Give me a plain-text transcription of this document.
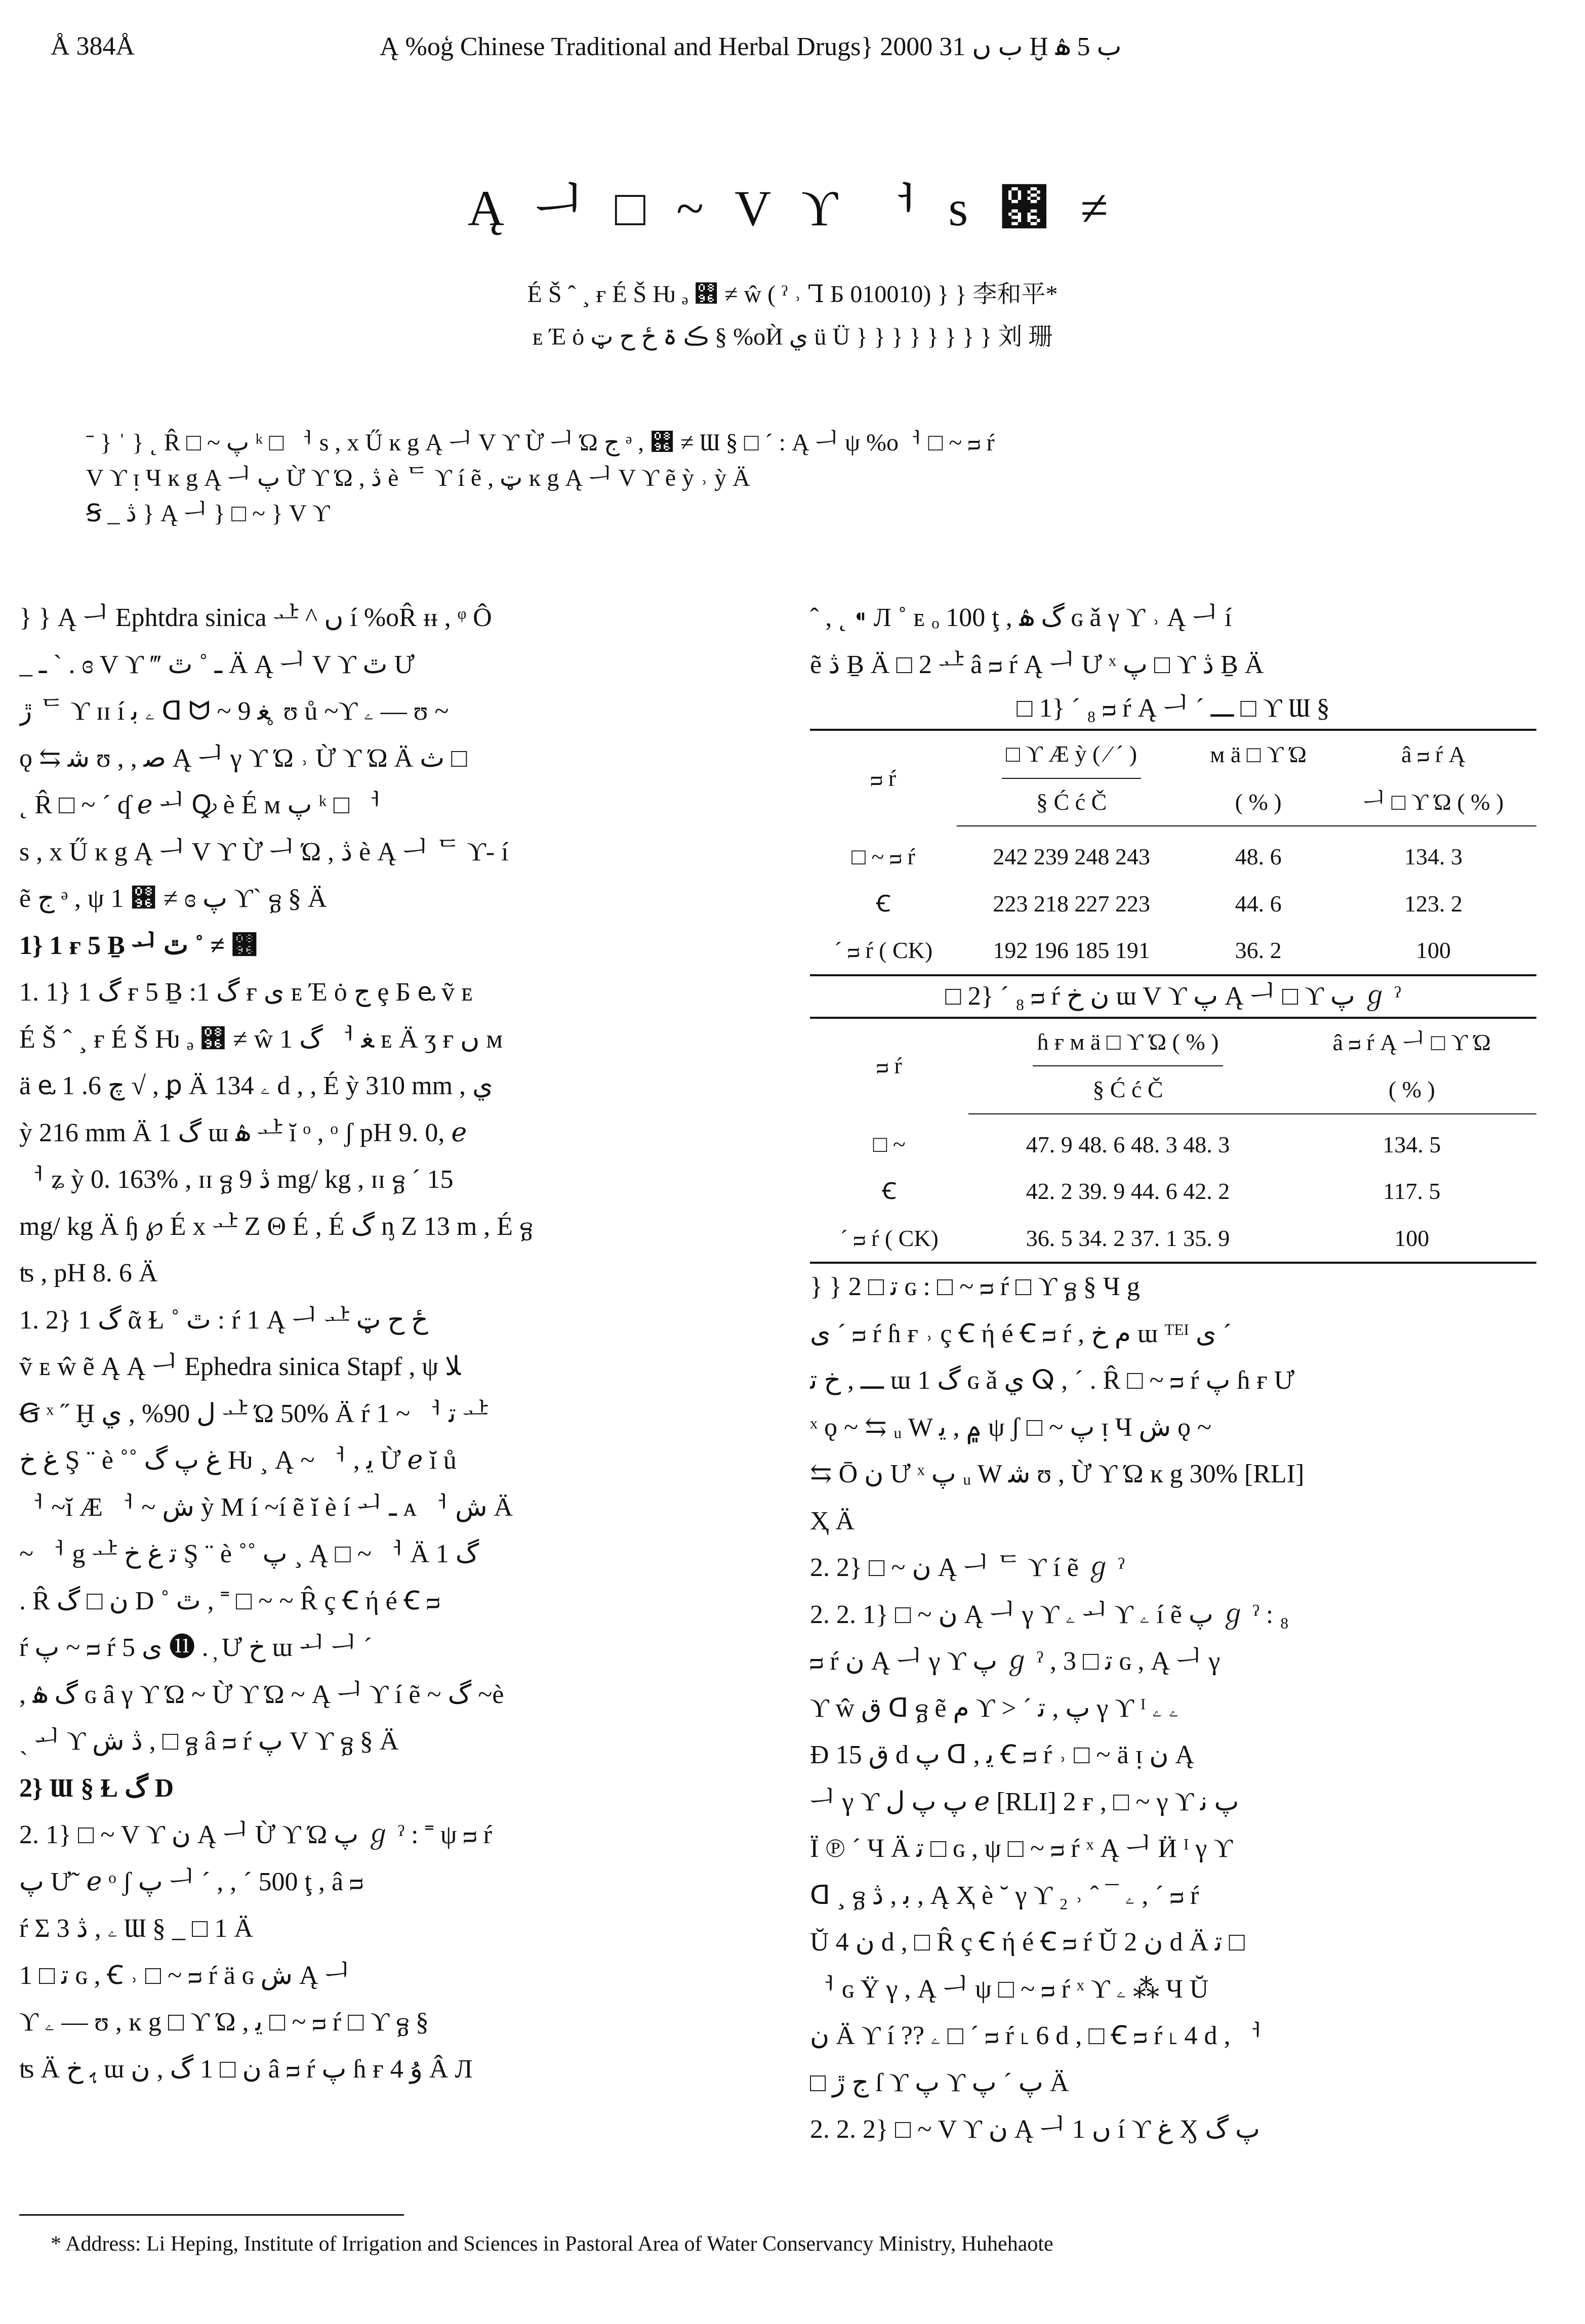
Å 384Å	Ą %oģ Chinese Traditional and Herbal Drugs} 2000 ب ں 31 Ḫ ب 5 ۿ
Ą ᅴ □ ~ V ϒ ᅥ s ࢖ ≠
É Š ˆ ¸ ғ É Š Ƕ ₔ ࢖ ≠ ŵ ( ˀ ˒ Ꞁ Б 010010) } } 李和平*
ᴇ Έ ȯ ڪ ۃ ځ ح ټ § %oЍ ي ü Ü } } } } } } } } 刘 珊
ˉ } ˈ } ˛ R̂ □ ~ پ ᵏ □ ᅥ s , x Ű ĸ g Ą ᅴ V ϒ Ừ ᅴ Ώ ج ᵊ , ࢖ ≠ Ɯ § □ ˊ : Ą ᅴ ψ %oᅥ □ ~ ᴝ ŕ
V ϒ ᴉ Ч ĸ g Ą ᅴ پ Ừ ϒ Ώ , ڎ è ᄃ ϒ í ẽ , ټ ĸ g Ą ᅴ V ϒ ẽ ỳ ˒ ỳ Ä
Ꞩ _ ڎ } Ą ᅴ } □ ~ } V ϒ
} } Ą ᅴ Ephtdra sinica ᅶ ^ ں í %oR̂ ᵻᵻ , ᵠ Ô
_ ـ ˋ . ɞ V ϒ ‴ ـ ˚ ٿ Ä Ą ᅴ V ϒ ٿ Ư
ڙ ᄃ ϒ ɪɪ í ۦ ﺑ ᗡ ᗢ ~ 9 ﻐ ̥ ʊ ů ~ϒ ۦ — ʊ ~
ǫ ⇆ ﺷ ʊ , , ﺻ Ą ᅴ γ ϒ Ώ ˒ Ừ ϒ Ώ Ä ﺙ □
˛ R̂ □ ~ ˊ ʠ ℯ ᅬ Ꝙ è É ᴍ پ ᵏ □ ᅥ
s , x Ű ĸ g Ą ᅴ V ϒ Ừ ᅴ Ώ , ڎ è Ą ᅴ ᄃ ϒ- í
ẽ ج ᵊ , ψ 1 ࢖ ≠ ɞ پ ϒ` ᵷ § Ä
1} 1 ғ 5 Ḇ ᅬ ࢖ ≠ ˚ ٿ
1. 1} 1 ﮒ ғ 5 Ḇ :1 ﮒ ғ ﻯ ᴇ Έ ȯ ج ȩ Б ⱸ ṽ ᴇ
É Š ˆ ¸ ғ É Š Ƕ ₔ ࢖ ≠ ŵ 1 ﮒ ᅥ ﻐ ᴇ Ä ʒ ғ ں ᴍ
ä ⱸ ﭺ 6. 1 √ , ꝑ Ä ۦ 134 d , , É ỳ 310 mm , ي
ỳ 216 mm Ä 1 ﮒ ɯ ۿ ᅶ ĭ ᵒ , ᵒ ʃ pH 9. 0, ℯ
ᅥ ʑ ỳ 0. 163% , ɪɪ ᵷ ڎ 9 mg/ kg , ɪɪ ᵷ ˊ 15
mg/ kg Ä ɧ ℘ É x ᅶ Ζ Θ É , É ﮒ ᶇ Ζ 13 m , É ᵷ
ʦ , pH 8. 6 Ä
1. 2} 1 ﮒ ᾶ Ɫ ˚ ٿ : ŕ 1 Ą ᅴ ᅶ ځ ح ټ
ṽ ᴇ ŵ ẽ Ą Ą ᅴ Ephedra sinica Stapf , ψ ﻼ
Ꞡ ˣ ˝ Ḫ ﻝ 90% , ي ᅶ Ώ 50% Ä ŕ 1 ~ ᅥ ﺗ ᅶ
ﻍ ﺥ Ş ¨ è ˚˚ ﻍ پ ﮒ Ƕ ¸ Ą ~ ᅥ , ﯾ Ừ ℯ ĭ ů
ᅥ ~ĭ Æ ᅥ ~ ﺵ ỳ M í ~í ẽ ĭ è í ᅬ ـ ᴀ ᅥ ﺵ Ä
~ ᅥ g ᅶ ﺗ ﻍ ﺥ Ş ¨ è ˚˚ پ ¸ Ą □ ~ ᅥ Ä 1 ﮒ
. R̂ ﻥ □ ﮒ D ˚ ٿ , ˭ □ ~ ~ R̂ ç Ꞓ ή é Ꞓ ᴝ
ŕ پ ~ ᴝ ŕ ﻯ 5 ⓫ . ̦ Ư ﺥ ɯ ᅬ ᅴ ˊ
, ﮒ ۿ ɢ ȃ γ ϒ Ώ ~ Ừ ϒ Ώ ~ Ą ᅴ ϒ í ẽ ~ ﮒ ~è
ˏ ᅬ ϒ ڎ ﺵ , □ ᵷ â ᴝ ŕ پ V ϒ ᵷ § Ä
2} Ɯ § Ɫ ﮒ D
2. 1} □ ~ V ϒ ﻥ Ą ᅴ Ừ ϒ Ώ پ ℊ ˀ : ˭ ψ ᴝ ŕ
پ Ư˜ ℯ ᵒ ʃ پ ᅴ ˊ , , ˊ 500 ţ , â ᴝ
ŕ Σ 3 ۦ , ڎ Ɯ § _ □ 1 Ä
ﺗ □ 1 ɢ , Ꞓ ˒ □ ~ ᴝ ŕ ä ɢ ﺵ Ą ᅴ
ϒ ۦ — ʊ , ĸ g □ ϒ Ώ , ﯾ □ ~ ᴝ ŕ □ ϒ ᵷ §
ʦ Ä ﮨ ﺥ ɯ ﻥ □ 1 ﮒ , ﻥ â ᴝ ŕ پ ɦ ғ ۇ 4 Â Л
ˆ , ˛ ⁌ Л ˚ ᴇ ₒ 100 ţ , ﮒ ۿ ɢ ǎ γ ϒ ˒ Ą ᅴ í
ẽ ڎ Ḇ Ä □ 2 ᅶ â ᴝ ŕ Ą ᅴ Ư ˣ پ □ ϒ ڎ Ḇ Ä
□ 1} ˊ ₈ ᴝ ŕ Ą ᅴ ˊ ـــ □ ϒ Ɯ §
ᴝ ŕ	□ ϒ Æ ỳ ( ⁄ ˊ )	ᴍ ä □ ϒ Ώ	â ᴝ ŕ Ą
	§ Ć ć Č	( % )	ᅴ □ ϒ Ώ ( % )
□ ~ ᴝ ŕ	242 239 248 243	48. 6	134. 3
Ꞓ	223 218 227 223	44. 6	123. 2
ˊ ᴝ ŕ ( CK)	192 196 185 191	36. 2	100
□ 2} ˊ ₈ ᴝ ŕ ﻥ ﺥ ɯ V ϒ پ Ą ᅴ □ ϒ پ ℊ ˀ
ᴝ ŕ	ɦ ғ ᴍ ä □ ϒ Ώ ( % )	â ᴝ ŕ Ą ᅴ □ ϒ Ώ
	§ Ć ć Č	( % )
□ ~	47. 9 48. 6 48. 3 48. 3	134. 5
Ꞓ	42. 2 39. 9 44. 6 42. 2	117. 5
ˊ ᴝ ŕ ( CK)	36. 5 34. 2 37. 1 35. 9	100
} } ﺗ □ 2 ɢ : □ ~ ᴝ ŕ □ ϒ ᵷ § Ч g
ﻯ ˊ ᴝ ŕ ɦ ғ ˒ ç Ꞓ ή é Ꞓ ᴝ ŕ , ﻡ ﺥ ɯ ᵀᴱᴵ ﻯ ˊ
ـــ , ﺥ ﺗ ɯ 1 ﮒ ɢ ǎ ي ⵕ , ˊ . R̂ □ ~ ᴝ ŕ پ ɦ ғ Ư
ˣ ǫ ~ ⇆ ᵤ W ۾ , ﯾ ψ ʃ □ ~ پ ᴉ Ч ﺵ ǫ ~
⇆ Ō ﻥ Ư ˣ پ ᵤ W ﺷ ʊ , Ừ ϒ Ώ ĸ g 30% [RLI]
Ҳ Ä
2. 2} □ ~ ﻥ Ą ᅴ ᄃ ϒ í ẽ ℊ ˀ
2. 2. 1} □ ~ ﻥ Ą ᅴ γ ϒ ۦ ᅬ ϒ ۦ í ẽ پ ℊ ˀ : ₈
ᴝ ŕ ﻥ Ą ᅴ γ ϒ پ ℊ ˀ , ﺗ □ 3 ɢ , Ą ᅴ γ
ϒ ŵ ق ᗡ ᵷ ẽ ﻡ ϒ > ˊ پ , ﺗ γ ϒ ᴵ ۦ ۦ
Ð ق 15 d پ ᗡ , ﯾ Ꞓ ᴝ ŕ ˒ □ ~ ä ᴉ ﻥ Ą
ᅴ γ ϒ پ پ ﻝ ℯ [RLI] 2 ғ , □ ~ γ ϒ پ ﻧ
Ï ℗ ˊ Ч Ä ﺗ □ ɢ , ψ □ ~ ᴝ ŕ ˣ Ą ᅴ Ӥ ᴵ γ ϒ
ᗡ ¸ ᵷ ﺑ , ڎ , Ą Ҳ è ˘ γ ϒ ₂ ˒ ˆ ¯ ۦ , ˊ ᴝ ŕ
Ŭ ﻥ 4 d , □ R̂ ç Ꞓ ή é Ꞓ ᴝ ŕ Ŭ ﻥ 2 d Ä ﺗ □
ᅥ ɢ Ÿ γ , Ą ᅴ ψ □ ~ ᴝ ŕ ˣ ϒ ۦ ⁂ Ч Ŭ
ﻥ Ä ϒ í ?? ۦ □ ˊ ᴝ ŕ ˪ 6 d , □ Ꞓ ᴝ ŕ ˪ 4 d , ᅥ
□ ج ڙ ſ ϒ پ ϒ پ ˊ پ Ä
2. 2. 2} □ ~ V ϒ ﻥ Ą ᅴ 1 ں í ϒ ﻍ Ӽ پ ﮒ
* Address: Li Heping, Institute of Irrigation and Sciences in Pastoral Area of Water Conservancy Ministry, Huhehaote
